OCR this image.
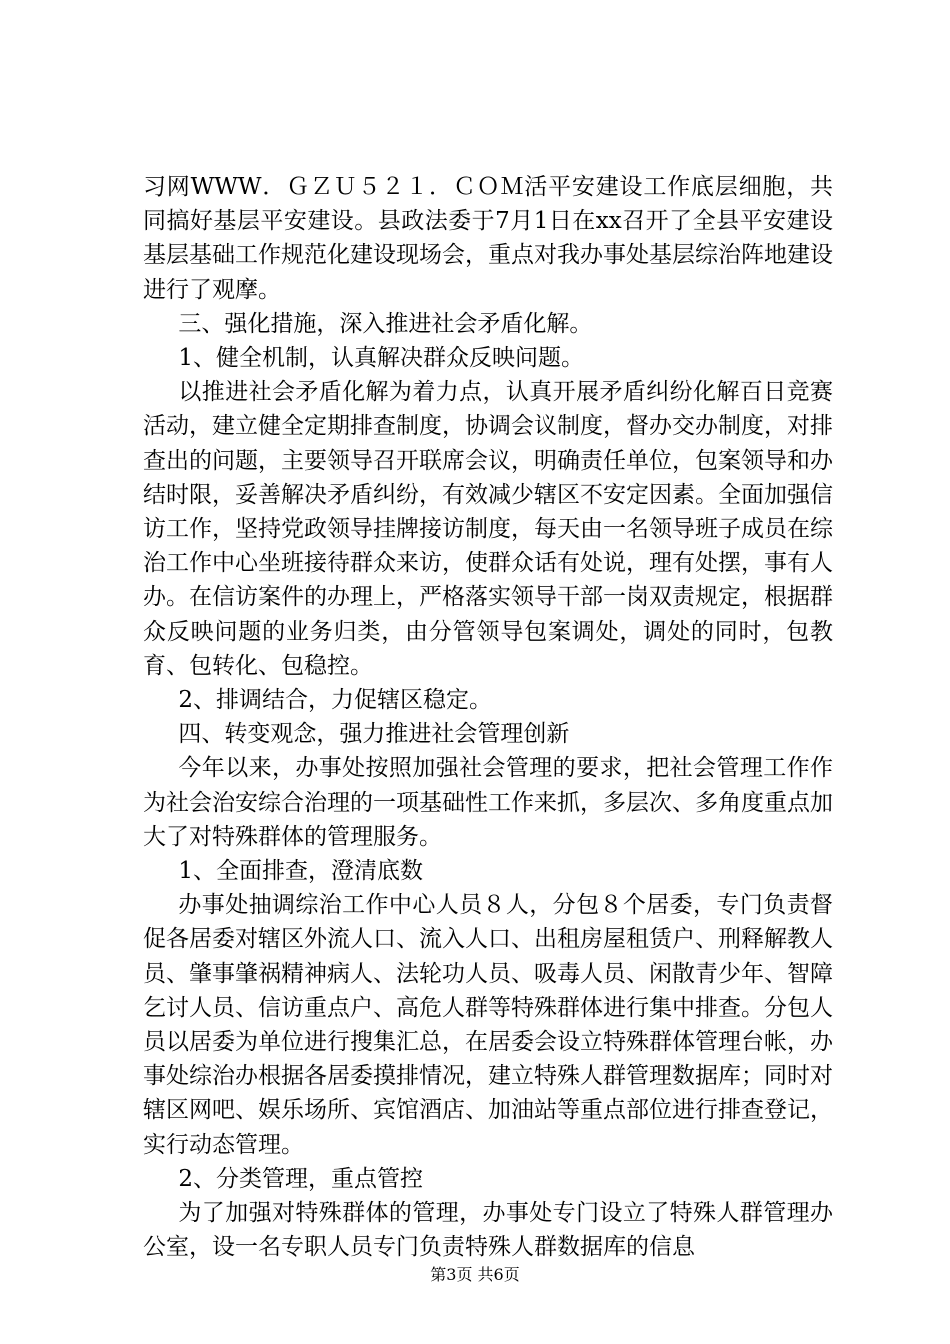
习网WWW．ＧＺＵ５２１．ＣＯＭ活平安建设工作底层细胞，共同搞好基层平安建设。县政法委于7月1日在xx召开了全县平安建设基层基础工作规范化建设现场会，重点对我办事处基层综治阵地建设进行了观摩。

三、强化措施，深入推进社会矛盾化解。

1、健全机制，认真解决群众反映问题。

以推进社会矛盾化解为着力点，认真开展矛盾纠纷化解百日竞赛活动，建立健全定期排查制度，协调会议制度，督办交办制度，对排查出的问题，主要领导召开联席会议，明确责任单位，包案领导和办结时限，妥善解决矛盾纠纷，有效减少辖区不安定因素。全面加强信访工作，坚持党政领导挂牌接访制度，每天由一名领导班子成员在综治工作中心坐班接待群众来访，使群众话有处说，理有处摆，事有人办。在信访案件的办理上，严格落实领导干部一岗双责规定，根据群众反映问题的业务归类，由分管领导包案调处，调处的同时，包教育、包转化、包稳控。

2、排调结合，力促辖区稳定。

四、转变观念，强力推进社会管理创新

今年以来，办事处按照加强社会管理的要求，把社会管理工作作为社会治安综合治理的一项基础性工作来抓，多层次、多角度重点加大了对特殊群体的管理服务。

1、全面排查，澄清底数

办事处抽调综治工作中心人员８人，分包８个居委，专门负责督促各居委对辖区外流人口、流入人口、出租房屋租赁户、刑释解教人员、肇事肇祸精神病人、法轮功人员、吸毒人员、闲散青少年、智障乞讨人员、信访重点户、高危人群等特殊群体进行集中排查。分包人员以居委为单位进行搜集汇总，在居委会设立特殊群体管理台帐，办事处综治办根据各居委摸排情况，建立特殊人群管理数据库；同时对辖区网吧、娱乐场所、宾馆酒店、加油站等重点部位进行排查登记，实行动态管理。

2、分类管理，重点管控

为了加强对特殊群体的管理，办事处专门设立了特殊人群管理办公室，设一名专职人员专门负责特殊人群数据库的信息

第3页 共6页
